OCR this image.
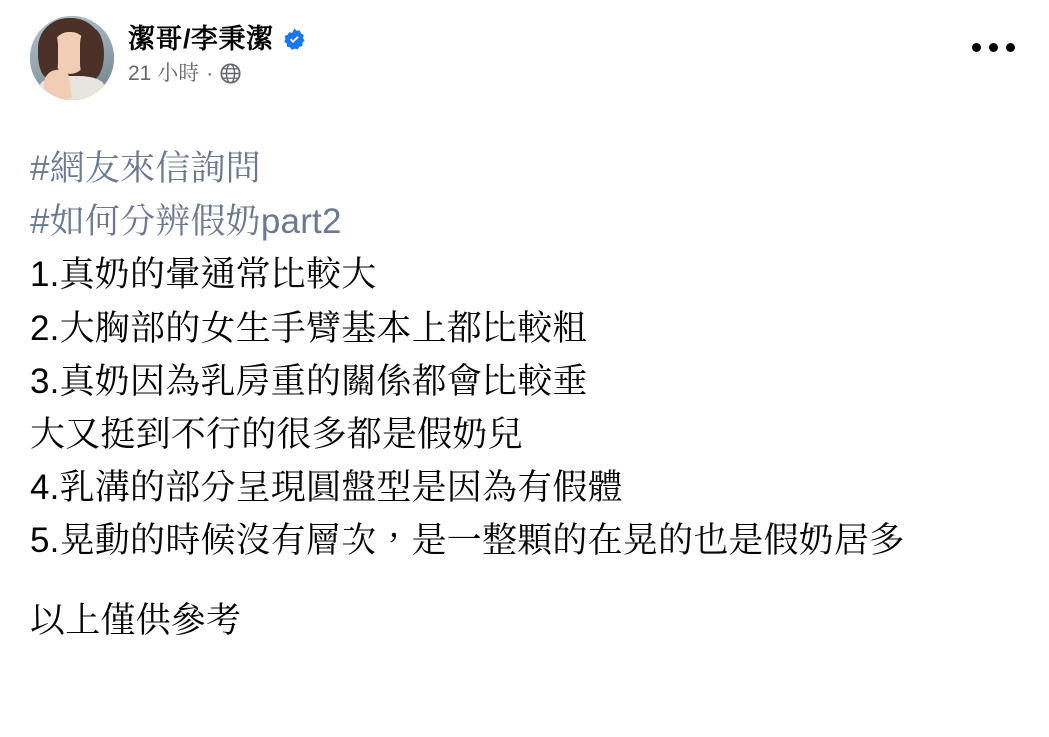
潔哥/李秉潔
21 小時 ·
#網友來信詢問
#如何分辨假奶part2
1.真奶的暈通常比較大
2.大胸部的女生手臂基本上都比較粗
3.真奶因為乳房重的關係都會比較垂
大又挺到不行的很多都是假奶兒
4.乳溝的部分呈現圓盤型是因為有假體
5.晃動的時候沒有層次，是一整顆的在晃的也是假奶居多
以上僅供參考
